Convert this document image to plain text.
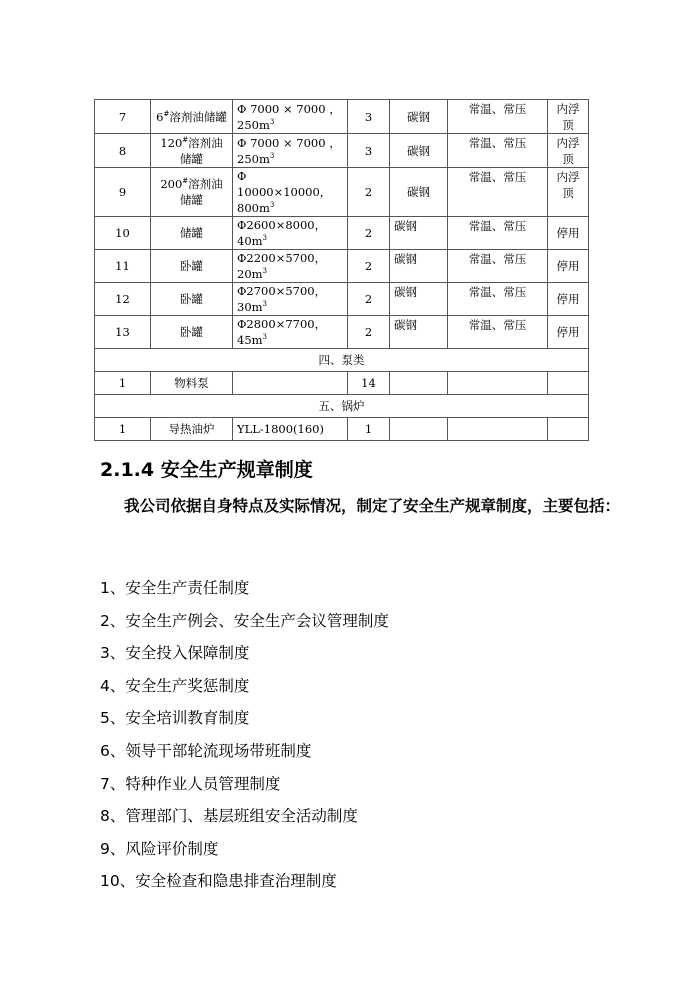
7	6#溶剂油储罐	Φ 7000 × 7000 ，$250m^3$	3	碳钢	常温、常压	内浮顶
8	120#溶剂油储罐	Φ 7000 × 7000 ，$250m^3$	3	碳钢	常温、常压	内浮顶
9	200#溶剂油储罐	Φ 10000×10000，$800m^3$	2	碳钢	常温、常压	内浮顶
10	储罐	Φ2600×8000，$40m^3$	2	碳钢	常温、常压	停用
11	卧罐	Φ2200×5700，$20m^3$	2	碳钢	常温、常压	停用
12	卧罐	Φ2700×5700，$30m^3$	2	碳钢	常温、常压	停用
13	卧罐	Φ2800×7700，$45m^3$	2	碳钢	常温、常压	停用
四、泵类						
1	物料泵		14			
五、锅炉						
1	导热油炉	YLL-1800(160)	1			
2.1.4 安全生产规章制度
我公司依据自身特点及实际情况，制定了安全生产规章制度，主要包括：
1、安全生产责任制度
2、安全生产例会、安全生产会议管理制度
3、安全投入保障制度
4、安全生产奖惩制度
5、安全培训教育制度
6、领导干部轮流现场带班制度
7、特种作业人员管理制度
8、管理部门、基层班组安全活动制度
9、风险评价制度
10、安全检查和隐患排查治理制度
